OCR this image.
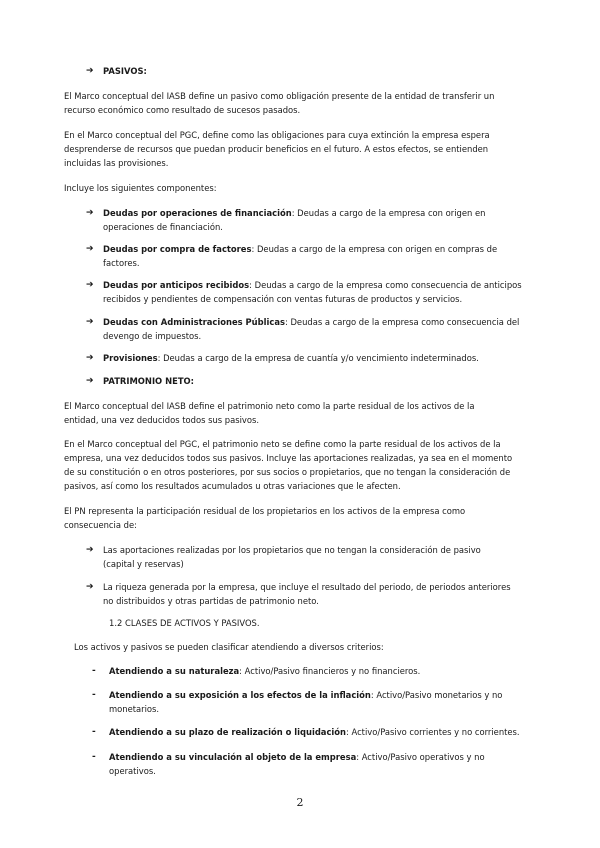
➔ PASIVOS:
El Marco conceptual del IASB define un pasivo como obligación presente de la entidad de transferir un
recurso económico como resultado de sucesos pasados.
En el Marco conceptual del PGC, define como las obligaciones para cuya extinción la empresa espera
desprenderse de recursos que puedan producir beneficios en el futuro. A estos efectos, se entienden
incluidas las provisiones.
Incluye los siguientes componentes:
➔ Deudas por operaciones de financiación: Deudas a cargo de la empresa con origen en
operaciones de financiación.
➔ Deudas por compra de factores: Deudas a cargo de la empresa con origen en compras de
factores.
➔ Deudas por anticipos recibidos: Deudas a cargo de la empresa como consecuencia de anticipos
recibidos y pendientes de compensación con ventas futuras de productos y servicios.
➔ Deudas con Administraciones Públicas: Deudas a cargo de la empresa como consecuencia del
devengo de impuestos.
➔ Provisiones: Deudas a cargo de la empresa de cuantía y/o vencimiento indeterminados.
➔ PATRIMONIO NETO:
El Marco conceptual del IASB define el patrimonio neto como la parte residual de los activos de la
entidad, una vez deducidos todos sus pasivos.
En el Marco conceptual del PGC, el patrimonio neto se define como la parte residual de los activos de la
empresa, una vez deducidos todos sus pasivos. Incluye las aportaciones realizadas, ya sea en el momento
de su constitución o en otros posteriores, por sus socios o propietarios, que no tengan la consideración de
pasivos, así como los resultados acumulados u otras variaciones que le afecten.
El PN representa la participación residual de los propietarios en los activos de la empresa como
consecuencia de:
➔ Las aportaciones realizadas por los propietarios que no tengan la consideración de pasivo
(capital y reservas)
➔ La riqueza generada por la empresa, que incluye el resultado del periodo, de periodos anteriores
no distribuidos y otras partidas de patrimonio neto.
1.2 CLASES DE ACTIVOS Y PASIVOS.
Los activos y pasivos se pueden clasificar atendiendo a diversos criterios:
- Atendiendo a su naturaleza: Activo/Pasivo financieros y no financieros.
- Atendiendo a su exposición a los efectos de la inflación: Activo/Pasivo monetarios y no
monetarios.
- Atendiendo a su plazo de realización o liquidación: Activo/Pasivo corrientes y no corrientes.
- Atendiendo a su vinculación al objeto de la empresa: Activo/Pasivo operativos y no
operativos.
2
